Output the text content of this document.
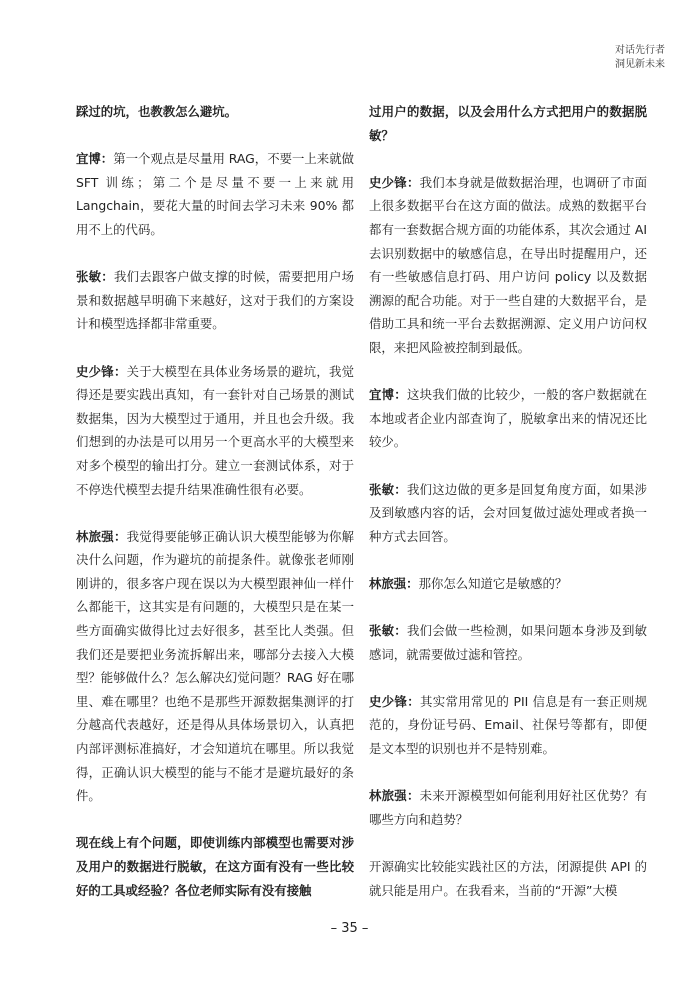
对话先行者
洞见新未来

踩过的坑，也教教怎么避坑。

宜博：第一个观点是尽量用 RAG，不要一上来就做 SFT 训练；第二个是尽量不要一上来就用 Langchain，要花大量的时间去学习未来 90% 都用不上的代码。

张敏：我们去跟客户做支撑的时候，需要把用户场景和数据越早明确下来越好，这对于我们的方案设计和模型选择都非常重要。

史少锋：关于大模型在具体业务场景的避坑，我觉得还是要实践出真知，有一套针对自己场景的测试数据集，因为大模型过于通用，并且也会升级。我们想到的办法是可以用另一个更高水平的大模型来对多个模型的输出打分。建立一套测试体系，对于不停迭代模型去提升结果准确性很有必要。

林旅强：我觉得要能够正确认识大模型能够为你解决什么问题，作为避坑的前提条件。就像张老师刚刚讲的，很多客户现在误以为大模型跟神仙一样什么都能干，这其实是有问题的，大模型只是在某一些方面确实做得比过去好很多，甚至比人类强。但我们还是要把业务流拆解出来，哪部分去接入大模型？能够做什么？怎么解决幻觉问题？RAG 好在哪里、难在哪里？也绝不是那些开源数据集测评的打分越高代表越好，还是得从具体场景切入，认真把内部评测标准搞好，才会知道坑在哪里。所以我觉得，正确认识大模型的能与不能才是避坑最好的条件。

现在线上有个问题，即使训练内部模型也需要对涉及用户的数据进行脱敏，在这方面有没有一些比较好的工具或经验？各位老师实际有没有接触

过用户的数据，以及会用什么方式把用户的数据脱敏？

史少锋：我们本身就是做数据治理，也调研了市面上很多数据平台在这方面的做法。成熟的数据平台都有一套数据合规方面的功能体系，其次会通过 AI 去识别数据中的敏感信息，在导出时提醒用户，还有一些敏感信息打码、用户访问 policy 以及数据溯源的配合功能。对于一些自建的大数据平台，是借助工具和统一平台去数据溯源、定义用户访问权限，来把风险被控制到最低。

宜博：这块我们做的比较少，一般的客户数据就在本地或者企业内部查询了，脱敏拿出来的情况还比较少。

张敏：我们这边做的更多是回复角度方面，如果涉及到敏感内容的话，会对回复做过滤处理或者换一种方式去回答。

林旅强：那你怎么知道它是敏感的？

张敏：我们会做一些检测，如果问题本身涉及到敏感词，就需要做过滤和管控。

史少锋：其实常用常见的 PII 信息是有一套正则规范的，身份证号码、Email、社保号等都有，即便是文本型的识别也并不是特别难。

林旅强：未来开源模型如何能利用好社区优势？有哪些方向和趋势？

开源确实比较能实践社区的方法，闭源提供 API 的就只能是用户。在我看来，当前的“开源”大模

– 35 –
